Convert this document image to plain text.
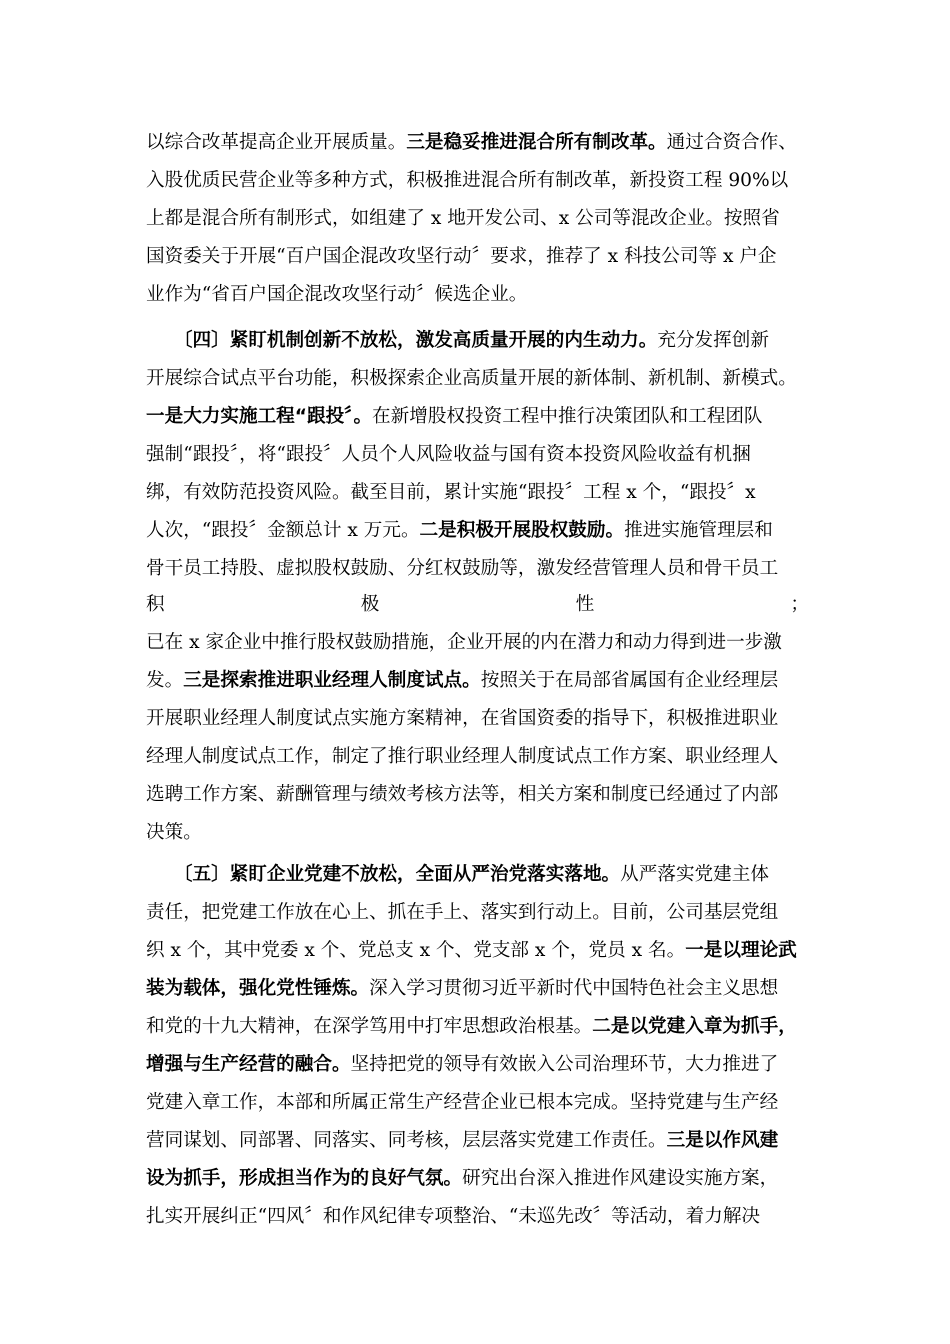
以综合改革提高企业开展质量。三是稳妥推进混合所有制改革。通过合资合作、
入股优质民营企业等多种方式，积极推进混合所有制改革，新投资工程 90%以
上都是混合所有制形式，如组建了 x 地开发公司、x 公司等混改企业。按照省
国资委关于开展“百户国企混改攻坚行动〞要求，推荐了 x 科技公司等 x 户企
业作为“省百户国企混改攻坚行动〞候选企业。
　　〔四〕紧盯机制创新不放松，激发高质量开展的内生动力。充分发挥创新
开展综合试点平台功能，积极探索企业高质量开展的新体制、新机制、新模式。
一是大力实施工程“跟投〞。在新增股权投资工程中推行决策团队和工程团队
强制“跟投〞，将“跟投〞人员个人风险收益与国有资本投资风险收益有机捆
绑，有效防范投资风险。截至目前，累计实施“跟投〞工程 x 个，“跟投〞x
人次，“跟投〞金额总计 x 万元。二是积极开展股权鼓励。推进实施管理层和
骨干员工持股、虚拟股权鼓励、分红权鼓励等，激发经营管理人员和骨干员工
积	极	性	；
已在 x 家企业中推行股权鼓励措施，企业开展的内在潜力和动力得到进一步激
发。三是探索推进职业经理人制度试点。按照关于在局部省属国有企业经理层
开展职业经理人制度试点实施方案精神，在省国资委的指导下，积极推进职业
经理人制度试点工作，制定了推行职业经理人制度试点工作方案、职业经理人
选聘工作方案、薪酬管理与绩效考核方法等，相关方案和制度已经通过了内部
决策。
　　〔五〕紧盯企业党建不放松，全面从严治党落实落地。从严落实党建主体
责任，把党建工作放在心上、抓在手上、落实到行动上。目前，公司基层党组
织 x 个，其中党委 x 个、党总支 x 个、党支部 x 个，党员 x 名。一是以理论武
装为载体，强化党性锤炼。深入学习贯彻习近平新时代中国特色社会主义思想
和党的十九大精神，在深学笃用中打牢思想政治根基。二是以党建入章为抓手，
增强与生产经营的融合。坚持把党的领导有效嵌入公司治理环节，大力推进了
党建入章工作，本部和所属正常生产经营企业已根本完成。坚持党建与生产经
营同谋划、同部署、同落实、同考核，层层落实党建工作责任。三是以作风建
设为抓手，形成担当作为的良好气氛。研究出台深入推进作风建设实施方案，
扎实开展纠正“四风〞和作风纪律专项整治、“未巡先改〞等活动，着力解决
